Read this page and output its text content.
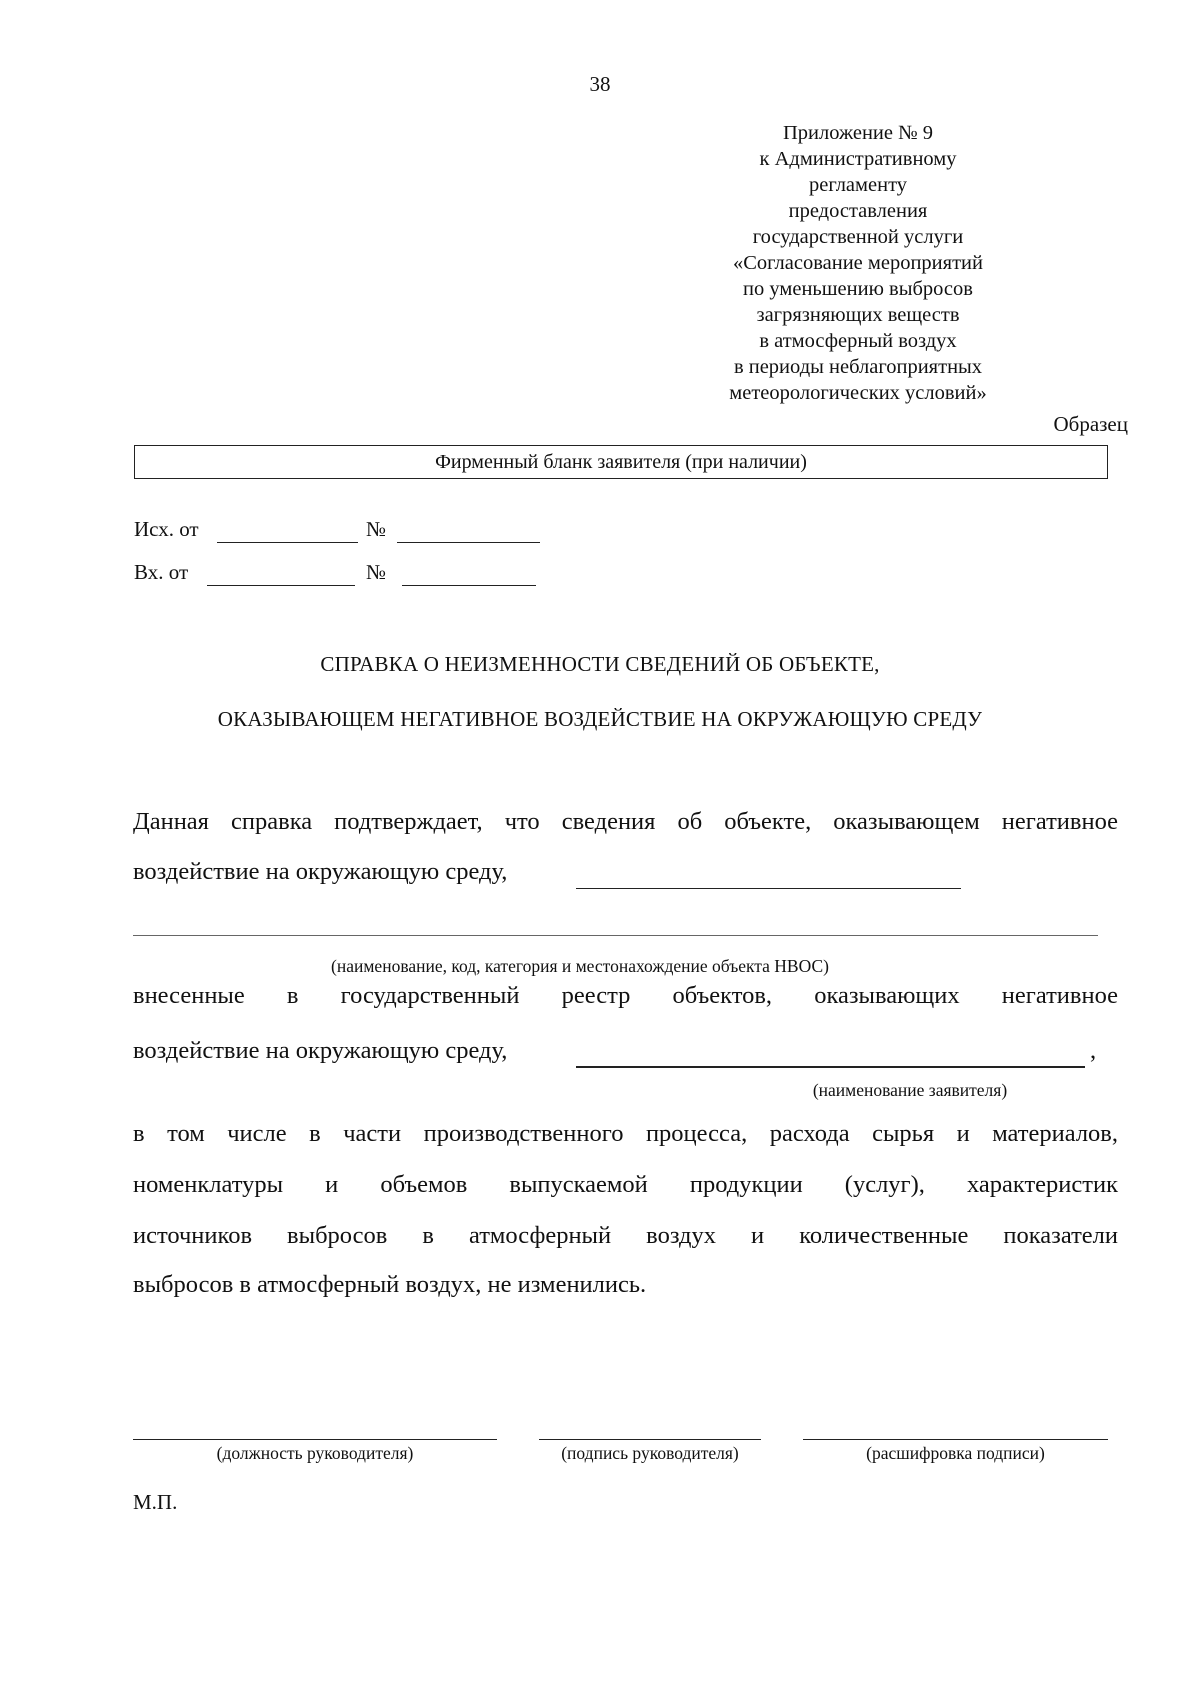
38
Приложение № 9
к Административному
регламенту
предоставления
государственной услуги
«Согласование мероприятий
по уменьшению выбросов
загрязняющих веществ
в атмосферный воздух
в периоды неблагоприятных
метеорологических условий»
Образец
Фирменный бланк заявителя (при наличии)
Исх. от	№
Вх. от	№
СПРАВКА О НЕИЗМЕННОСТИ СВЕДЕНИЙ ОБ ОБЪЕКТЕ,
ОКАЗЫВАЮЩЕМ НЕГАТИВНОЕ ВОЗДЕЙСТВИЕ НА ОКРУЖАЮЩУЮ СРЕДУ
Данная справка подтверждает, что сведения об объекте, оказывающем негативное
воздействие на окружающую среду,
(наименование, код, категория и местонахождение объекта НВОС)
внесенные в государственный реестр объектов, оказывающих негативное
воздействие на окружающую среду,	,
(наименование заявителя)
в том числе в части производственного процесса, расхода сырья и материалов,
номенклатуры и объемов выпускаемой продукции (услуг), характеристик
источников выбросов в атмосферный воздух и количественные показатели
выбросов в атмосферный воздух, не изменились.
(должность руководителя)	(подпись руководителя)	(расшифровка подписи)
М.П.
